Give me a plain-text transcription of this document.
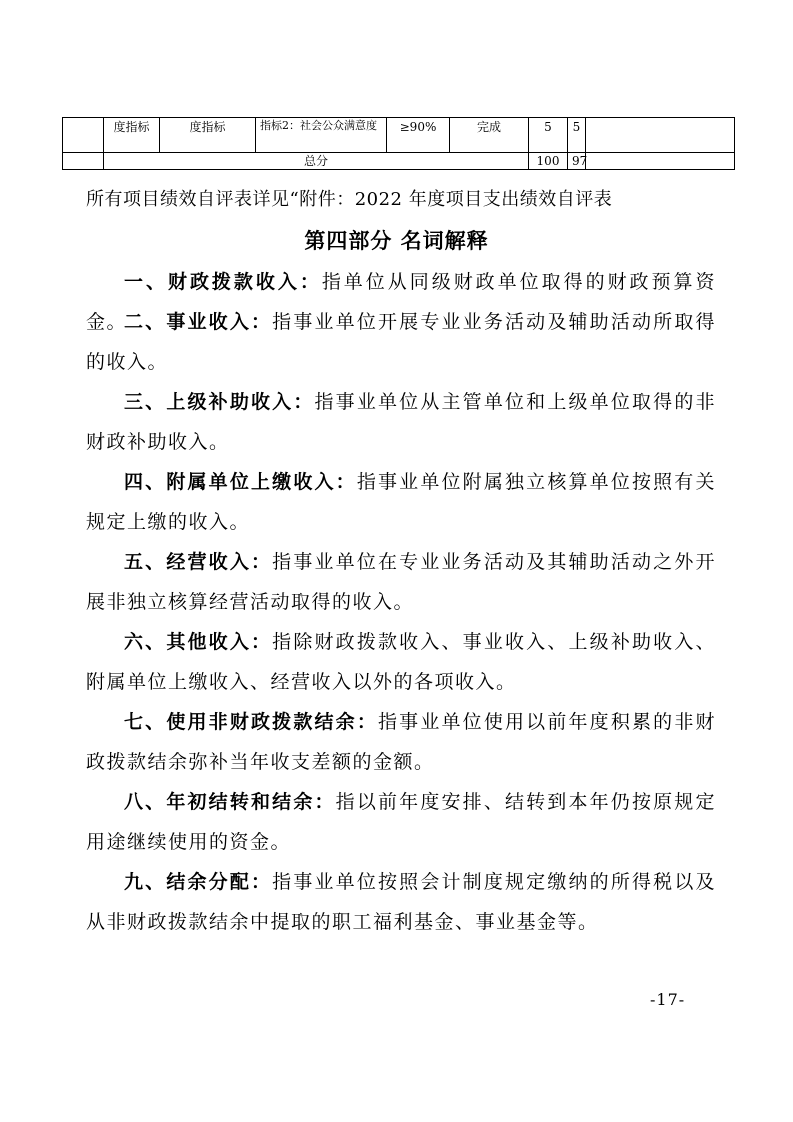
	度指标	度指标	指标2：社会公众满意度	≥90%	完成	5	5	
	总分					100	97	
所有项目绩效自评表详见“附件：2022 年度项目支出绩效自评表
第四部分 名词解释
一、财政拨款收入：指单位从同级财政单位取得的财政预算资金。
二、事业收入：指事业单位开展专业业务活动及辅助活动所取得的收入。
三、上级补助收入：指事业单位从主管单位和上级单位取得的非财政补助收入。
四、附属单位上缴收入：指事业单位附属独立核算单位按照有关规定上缴的收入。
五、经营收入：指事业单位在专业业务活动及其辅助活动之外开展非独立核算经营活动取得的收入。
六、其他收入：指除财政拨款收入、事业收入、上级补助收入、附属单位上缴收入、经营收入以外的各项收入。
七、使用非财政拨款结余：指事业单位使用以前年度积累的非财政拨款结余弥补当年收支差额的金额。
八、年初结转和结余：指以前年度安排、结转到本年仍按原规定用途继续使用的资金。
九、结余分配：指事业单位按照会计制度规定缴纳的所得税以及从非财政拨款结余中提取的职工福利基金、事业基金等。
-17-
